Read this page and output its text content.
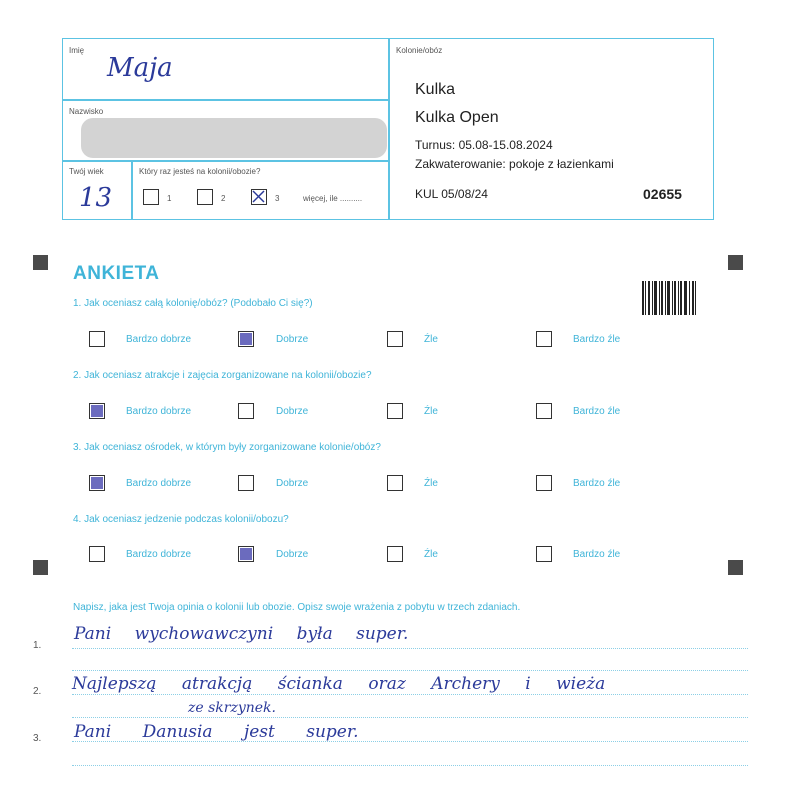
Imię
Maja
Nazwisko
Twój wiek
13
Który raz jesteś na kolonii/obozie?
1	2	3	więcej, ile ..........
Kolonie/obóz
Kulka
Kulka Open
Turnus: 05.08-15.08.2024
Zakwaterowanie: pokoje z łazienkami
KUL 05/08/24	02655
ANKIETA
1. Jak oceniasz całą kolonię/obóz? (Podobało Ci się?)
Bardzo dobrze	Dobrze	Źle	Bardzo źle
2. Jak oceniasz atrakcje i zajęcia zorganizowane na kolonii/obozie?
Bardzo dobrze	Dobrze	Źle	Bardzo źle
3. Jak oceniasz ośrodek, w którym były zorganizowane kolonie/obóz?
Bardzo dobrze	Dobrze	Źle	Bardzo źle
4. Jak oceniasz jedzenie podczas kolonii/obozu?
Bardzo dobrze	Dobrze	Źle	Bardzo źle
Napisz, jaka jest Twoja opinia o kolonii lub obozie. Opisz swoje wrażenia z pobytu w trzech zdaniach.
1.
2.
3.
Pani wychowawczyni była super.
Najlepszą atrakcją ścianka oraz Archery i wieża
ze skrzynek.
Pani Danusia jest super.
